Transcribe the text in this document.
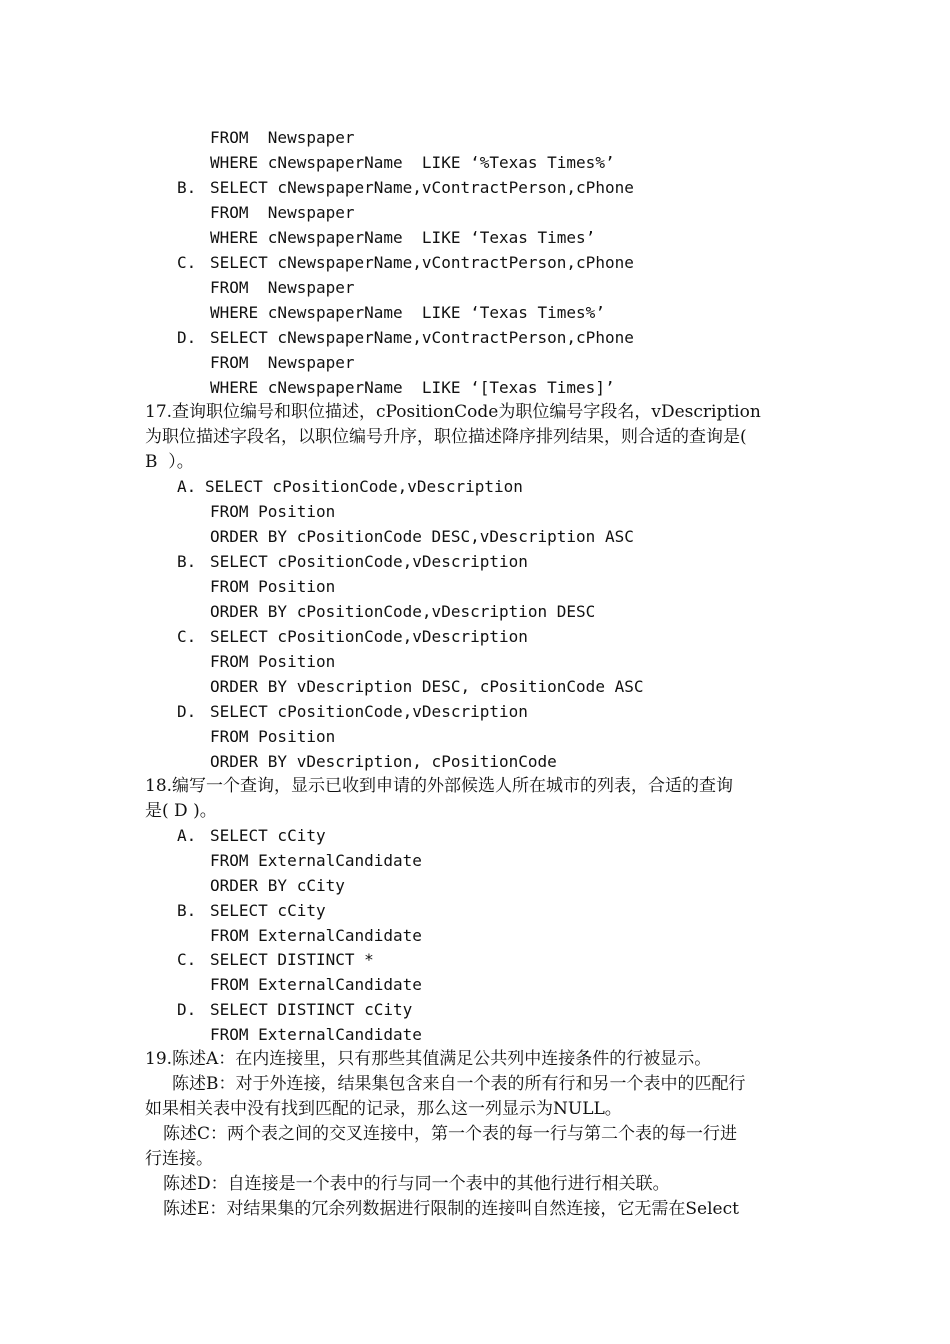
FROM  Newspaper
WHERE cNewspaperName  LIKE ‘%Texas Times%’
B. SELECT cNewspaperName,vContractPerson,cPhone
FROM  Newspaper
WHERE cNewspaperName  LIKE ‘Texas Times’
C. SELECT cNewspaperName,vContractPerson,cPhone
FROM  Newspaper
WHERE cNewspaperName  LIKE ‘Texas Times%’
D. SELECT cNewspaperName,vContractPerson,cPhone
FROM  Newspaper
WHERE cNewspaperName  LIKE ‘[Texas Times]’
17.查询职位编号和职位描述，cPositionCode为职位编号字段名，vDescription
为职位描述字段名，以职位编号升序，职位描述降序排列结果，则合适的查询是(
B  ）。
A. SELECT cPositionCode,vDescription
FROM Position
ORDER BY cPositionCode DESC,vDescription ASC
B. SELECT cPositionCode,vDescription
FROM Position
ORDER BY cPositionCode,vDescription DESC
C. SELECT cPositionCode,vDescription
FROM Position
ORDER BY vDescription DESC, cPositionCode ASC
D. SELECT cPositionCode,vDescription
FROM Position
ORDER BY vDescription, cPositionCode
18.编写一个查询，显示已收到申请的外部候选人所在城市的列表，合适的查询
是( D )。
A. SELECT cCity
FROM ExternalCandidate
ORDER BY cCity
B. SELECT cCity
FROM ExternalCandidate
C. SELECT DISTINCT *
FROM ExternalCandidate
D. SELECT DISTINCT cCity
FROM ExternalCandidate
19.陈述A：在内连接里，只有那些其值满足公共列中连接条件的行被显示。
陈述B：对于外连接，结果集包含来自一个表的所有行和另一个表中的匹配行
如果相关表中没有找到匹配的记录，那么这一列显示为NULL。
陈述C：两个表之间的交叉连接中，第一个表的每一行与第二个表的每一行进
行连接。
陈述D：自连接是一个表中的行与同一个表中的其他行进行相关联。
陈述E：对结果集的冗余列数据进行限制的连接叫自然连接，它无需在Select
